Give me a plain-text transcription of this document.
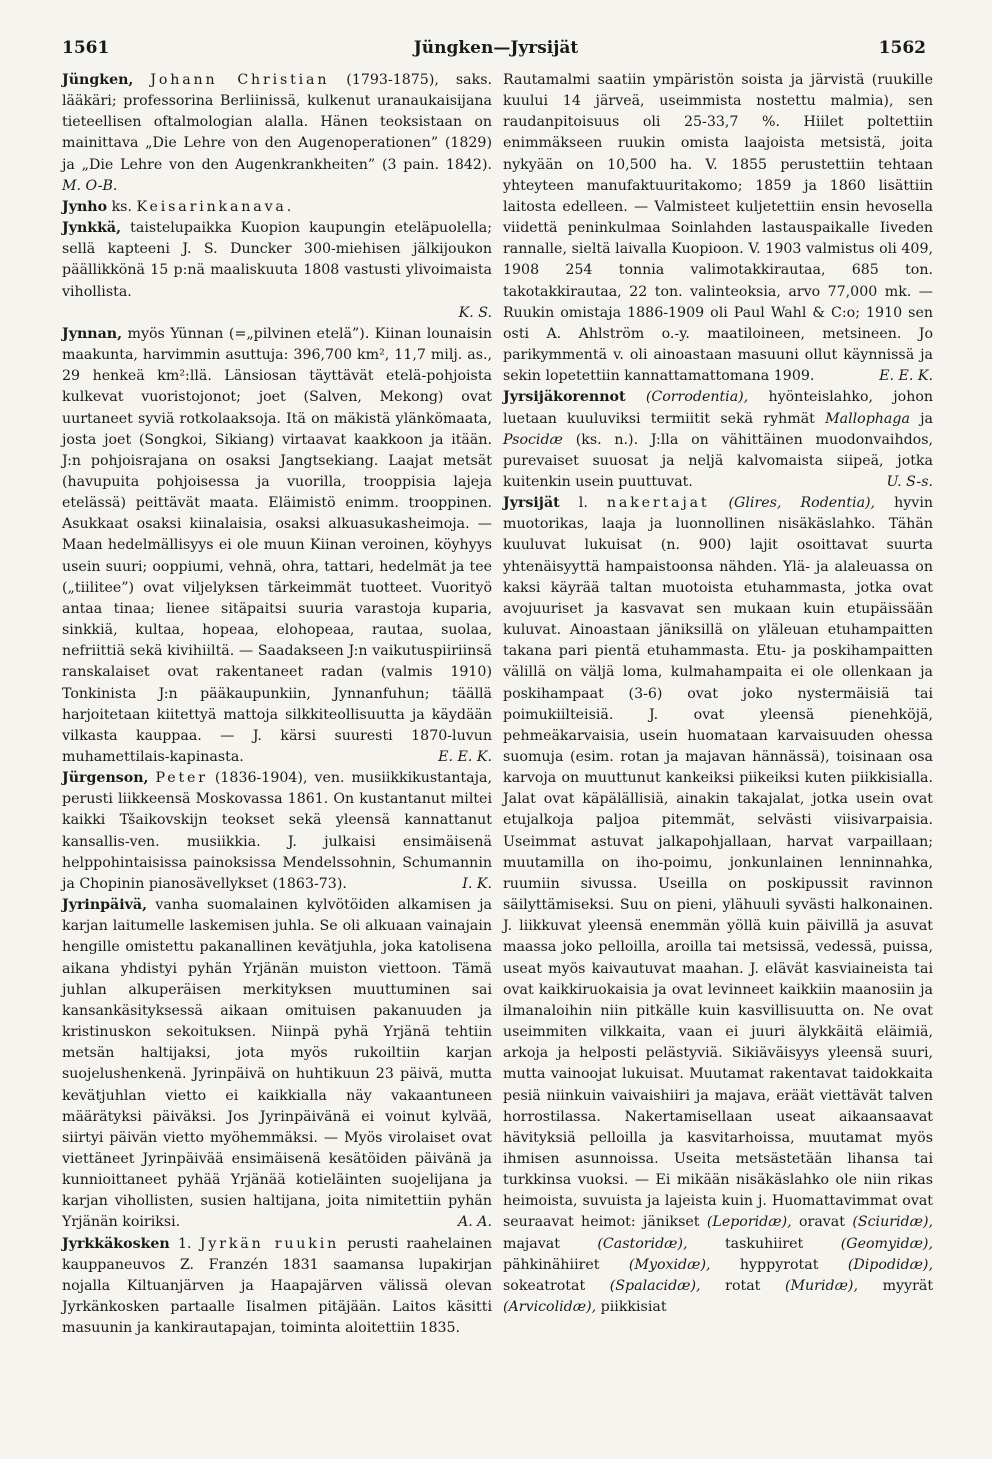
1561	Jüngken—Jyrsijät	1562

Jüngken, Johann Christian (1793-1875), saks. lääkäri; professorina Berliinissä, kulkenut uranaukaisijana tieteellisen oftalmologian alalla. Hänen teoksistaan on mainittava „Die Lehre von den Augenoperationen” (1829) ja „Die Lehre von den Augenkrankheiten” (3 pain. 1842). M. O-B.

Jynho ks. Keisarinkanava.

Jynkkä, taistelupaikka Kuopion kaupungin eteläpuolella; sellä kapteeni J. S. Duncker 300-miehisen jälkijoukon päällikkönä 15 p:nä maaliskuuta 1808 vastusti ylivoimaista vihollista.

K. S.

Jynnan, myös Yünnan (=„pilvinen etelä”). Kiinan lounaisin maakunta, harvimmin asuttuja: 396,700 km², 11,7 milj. as., 29 henkeä km²:llä. Länsiosan täyttävät etelä-pohjoista kulkevat vuoristojonot; joet (Salven, Mekong) ovat uurtaneet syviä rotkolaaksoja. Itä on mäkistä ylänkömaata, josta joet (Songkoi, Sikiang) virtaavat kaakkoon ja itään. J:n pohjoisrajana on osaksi Jangtsekiang. Laajat metsät (havupuita pohjoisessa ja vuorilla, trooppisia lajeja etelässä) peittävät maata. Eläimistö enimm. trooppinen. Asukkaat osaksi kiinalaisia, osaksi alkuasukasheimoja. — Maan hedelmällisyys ei ole muun Kiinan veroinen, köyhyys usein suuri; ooppiumi, vehnä, ohra, tattari, hedelmät ja tee („tiilitee”) ovat viljelyksen tärkeimmät tuotteet. Vuorityö antaa tinaa; lienee sitäpaitsi suuria varastoja kuparia, sinkkiä, kultaa, hopeaa, elohopeaa, rautaa, suolaa, nefriittiä sekä kivihiiltä. — Saadakseen J:n vaikutuspiiriinsä ranskalaiset ovat rakentaneet radan (valmis 1910) Tonkinista J:n pääkaupunkiin, Jynnanfuhun; täällä harjoitetaan kiitettyä mattoja silkkiteollisuutta ja käydään vilkasta kauppaa. — J. kärsi suuresti 1870-luvun muhamettilais-kapinasta.	E. E. K.

Jürgenson, Peter (1836-1904), ven. musiikkikustantaja, perusti liikkeensä Moskovassa 1861. On kustantanut miltei kaikki Tšaikovskijn teokset sekä yleensä kannattanut kansallis-ven. musiikkia. J. julkaisi ensimäisenä helppohintaisissa painoksissa Mendelssohnin, Schumannin ja Chopinin pianosävellykset (1863-73).	I. K.

Jyrinpäivä, vanha suomalainen kylvötöiden alkamisen ja karjan laitumelle laskemisen juhla. Se oli alkuaan vainajain hengille omistettu pakanallinen kevätjuhla, joka katolisena aikana yhdistyi pyhän Yrjänän muiston viettoon. Tämä juhlan alkuperäisen merkityksen muuttuminen sai kansankäsityksessä aikaan omituisen pakanuuden ja kristinuskon sekoituksen. Niinpä pyhä Yrjänä tehtiin metsän haltijaksi, jota myös rukoiltiin karjan suojelushenkenä. Jyrinpäivä on huhtikuun 23 päivä, mutta kevätjuhlan vietto ei kaikkialla näy vakaantuneen määrätyksi päiväksi. Jos Jyrinpäivänä ei voinut kylvää, siirtyi päivän vietto myöhemmäksi. — Myös virolaiset ovat viettäneet Jyrinpäivää ensimäisenä kesätöiden päivänä ja kunnioittaneet pyhää Yrjänää kotieläinten suojelijana ja karjan vihollisten, susien haltijana, joita nimitettiin pyhän Yrjänän koiriksi.	A. A.

Jyrkkäkosken 1. Jyrkän ruukin perusti raahelainen kauppaneuvos Z. Franzén 1831 saamansa lupakirjan nojalla Kiltuanjärven ja Haapajärven välissä olevan Jyrkänkosken partaalle Iisalmen pitäjään. Laitos käsitti masuunin ja kankirautapajan, toiminta aloitettiin 1835.

Rautamalmi saatiin ympäristön soista ja järvistä (ruukille kuului 14 järveä, useimmista nostettu malmia), sen raudanpitoisuus oli 25-33,7 %. Hiilet poltettiin enimmäkseen ruukin omista laajoista metsistä, joita nykyään on 10,500 ha. V. 1855 perustettiin tehtaan yhteyteen manufaktuuritakomo; 1859 ja 1860 lisättiin laitosta edelleen. — Valmisteet kuljetettiin ensin hevosella viidettä peninkulmaa Soinlahden lastauspaikalle Iiveden rannalle, sieltä laivalla Kuopioon. V. 1903 valmistus oli 409, 1908 254 tonnia valimotakkirautaa, 685 ton. takotakkirautaa, 22 ton. valinteoksia, arvo 77,000 mk. — Ruukin omistaja 1886-1909 oli Paul Wahl & C:o; 1910 sen osti A. Ahlström o.-y. maatiloineen, metsineen. Jo parikymmentä v. oli ainoastaan masuuni ollut käynnissä ja sekin lopetettiin kannattamattomana 1909.	E. E. K.

Jyrsijäkorennot (Corrodentia), hyönteislahko, johon luetaan kuuluviksi termiitit sekä ryhmät Mallophaga ja Psocidæ (ks. n.). J:lla on vähittäinen muodonvaihdos, purevaiset suuosat ja neljä kalvomaista siipeä, jotka kuitenkin usein puuttuvat.	U. S-s.

Jyrsijät l. nakertajat (Glires, Rodentia), hyvin muotorikas, laaja ja luonnollinen nisäkäslahko. Tähän kuuluvat lukuisat (n. 900) lajit osoittavat suurta yhtenäisyyttä hampaistoonsa nähden. Ylä- ja alaleuassa on kaksi käyrää taltan muotoista etuhammasta, jotka ovat avojuuriset ja kasvavat sen mukaan kuin etupäissään kuluvat. Ainoastaan jäniksillä on yläleuan etuhampaitten takana pari pientä etuhammasta. Etu- ja poskihampaitten välillä on väljä loma, kulmahampaita ei ole ollenkaan ja poskihampaat (3-6) ovat joko nystermäisiä tai poimukiilteisiä. J. ovat yleensä pienehköjä, pehmeäkarvaisia, usein huomataan karvaisuuden ohessa suomuja (esim. rotan ja majavan hännässä), toisinaan osa karvoja on muuttunut kankeiksi piikeiksi kuten piikkisialla. Jalat ovat käpälällisiä, ainakin takajalat, jotka usein ovat etujalkoja paljoa pitemmät, selvästi viisivarpaisia. Useimmat astuvat jalkapohjallaan, harvat varpaillaan; muutamilla on iho-poimu, jonkunlainen lenninnahka, ruumiin sivussa. Useilla on poskipussit ravinnon säilyttämiseksi. Suu on pieni, ylähuuli syvästi halkonainen. J. liikkuvat yleensä enemmän yöllä kuin päivillä ja asuvat maassa joko pelloilla, aroilla tai metsissä, vedessä, puissa, useat myös kaivautuvat maahan. J. elävät kasviaineista tai ovat kaikkiruokaisia ja ovat levinneet kaikkiin maanosiin ja ilmanaloihin niin pitkälle kuin kasvillisuutta on. Ne ovat useimmiten vilkkaita, vaan ei juuri älykkäitä eläimiä, arkoja ja helposti pelästyviä. Sikiäväisyys yleensä suuri, mutta vainoojat lukuisat. Muutamat rakentavat taidokkaita pesiä niinkuin vaivaishiiri ja majava, eräät viettävät talven horrostilassa. Nakertamisellaan useat aikaansaavat hävityksiä pelloilla ja kasvitarhoissa, muutamat myös ihmisen asunnoissa. Useita metsästetään lihansa tai turkkinsa vuoksi. — Ei mikään nisäkäslahko ole niin rikas heimoista, suvuista ja lajeista kuin j. Huomattavimmat ovat seuraavat heimot: jänikset (Leporidæ), oravat (Sciuridæ), majavat	(Castoridæ),	taskuhiiret	(Geomyidæ), pähkinähiiret (Myoxidæ), hyppyrotat (Dipodidæ), sokeatrotat (Spalacidæ), rotat (Muridæ), myyrät (Arvicolidæ), piikkisiat
